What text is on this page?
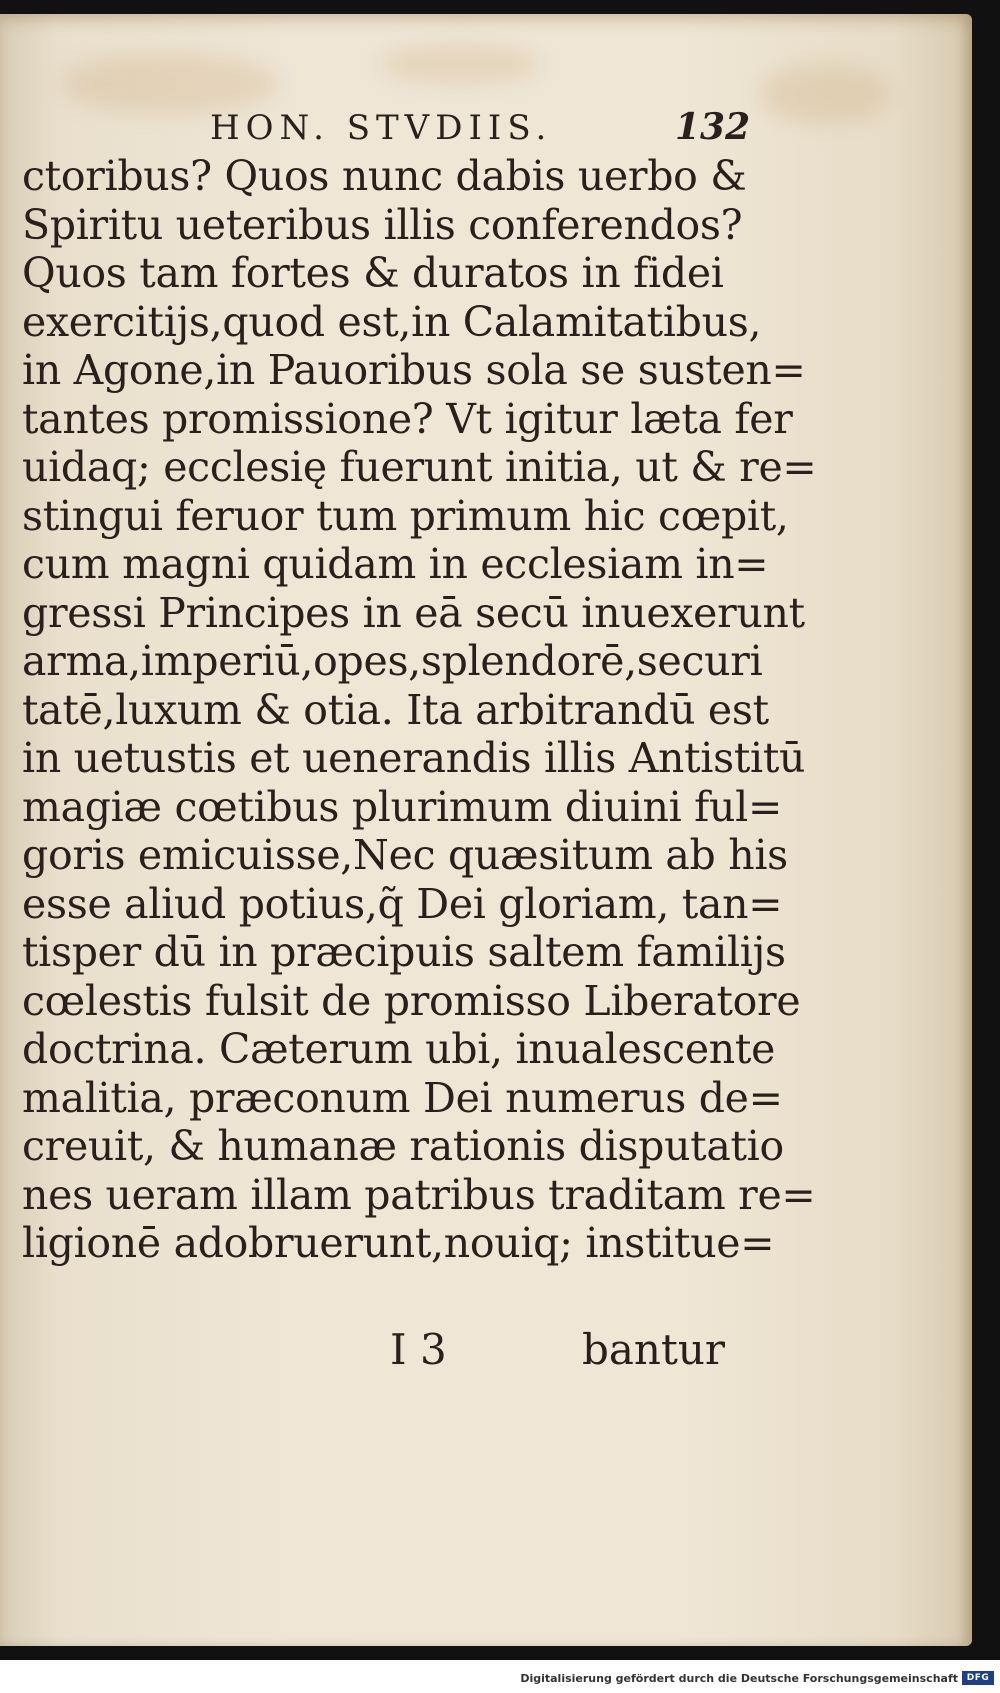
HON. STVDIIS.	132
ctoribus? Quos nunc dabis uerbo &
Spiritu ueteribus illis conferendos?
Quos tam fortes & duratos in fidei
exercitijs,quod est,in Calamitatibus,
in Agone,in Pauoribus sola se susten=
tantes promissione? Vt igitur læta fer
uidaq; ecclesię fuerunt initia, ut & re=
stingui feruor tum primum hic cœpit,
cum magni quidam in ecclesiam in=
gressi Principes in eā secū inuexerunt
arma,imperiū,opes,splendorē,securi
tatē,luxum & otia. Ita arbitrandū est
in uetustis et uenerandis illis Antistitū
magiæ cœtibus plurimum diuini ful=
goris emicuisse,Nec quæsitum ab his
esse aliud potius,q̃ Dei gloriam, tan=
tisper dū in præcipuis saltem familijs
cœlestis fulsit de promisso Liberatore
doctrina. Cæterum ubi, inualescente
malitia, præconum Dei numerus de=
creuit, & humanæ rationis disputatio
nes ueram illam patribus traditam re=
ligionē adobruerunt,nouiq; institue=
I 3	bantur
Digitalisierung gefördert durch die Deutsche Forschungsgemeinschaft DFG
